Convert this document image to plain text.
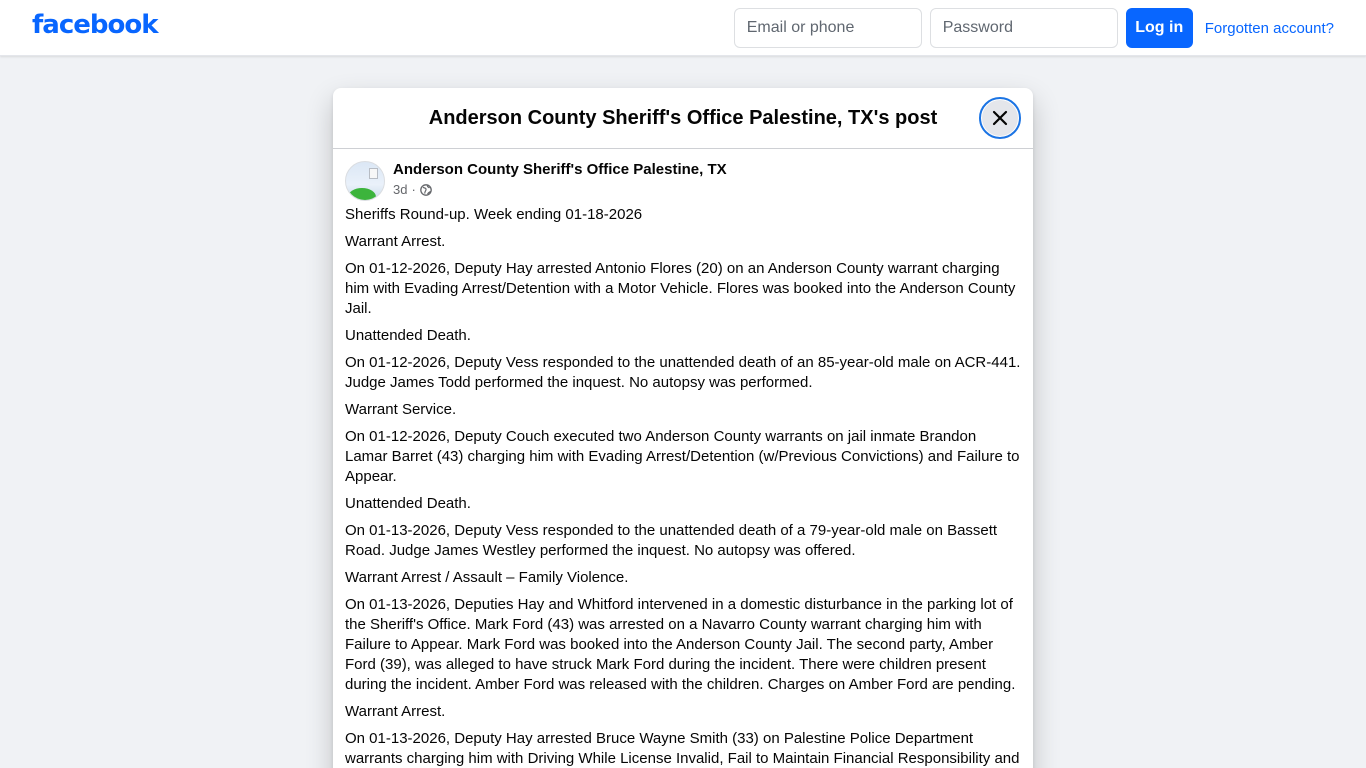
facebook
Email or phone	Log in	Forgotten account?
Anderson County Sheriff's Office Palestine, TX's post
Anderson County Sheriff's Office Palestine, TX
3d ·

Sheriffs Round-up. Week ending 01-18-2026

Warrant Arrest.

On 01-12-2026, Deputy Hay arrested Antonio Flores (20) on an Anderson County warrant charging him with Evading Arrest/Detention with a Motor Vehicle. Flores was booked into the Anderson County Jail.

Unattended Death.

On 01-12-2026, Deputy Vess responded to the unattended death of an 85-year-old male on ACR-441. Judge James Todd performed the inquest. No autopsy was performed.

Warrant Service.

On 01-12-2026, Deputy Couch executed two Anderson County warrants on jail inmate Brandon Lamar Barret (43) charging him with Evading Arrest/Detention (w/Previous Convictions) and Failure to Appear.

Unattended Death.

On 01-13-2026, Deputy Vess responded to the unattended death of a 79-year-old male on Bassett Road. Judge James Westley performed the inquest. No autopsy was offered.

Warrant Arrest / Assault – Family Violence.

On 01-13-2026, Deputies Hay and Whitford intervened in a domestic disturbance in the parking lot of the Sheriff's Office. Mark Ford (43) was arrested on a Navarro County warrant charging him with Failure to Appear. Mark Ford was booked into the Anderson County Jail. The second party, Amber Ford (39), was alleged to have struck Mark Ford during the incident. There were children present during the incident. Amber Ford was released with the children. Charges on Amber Ford are pending.

Warrant Arrest.

On 01-13-2026, Deputy Hay arrested Bruce Wayne Smith (33) on Palestine Police Department warrants charging him with Driving While License Invalid, Fail to Maintain Financial Responsibility and
